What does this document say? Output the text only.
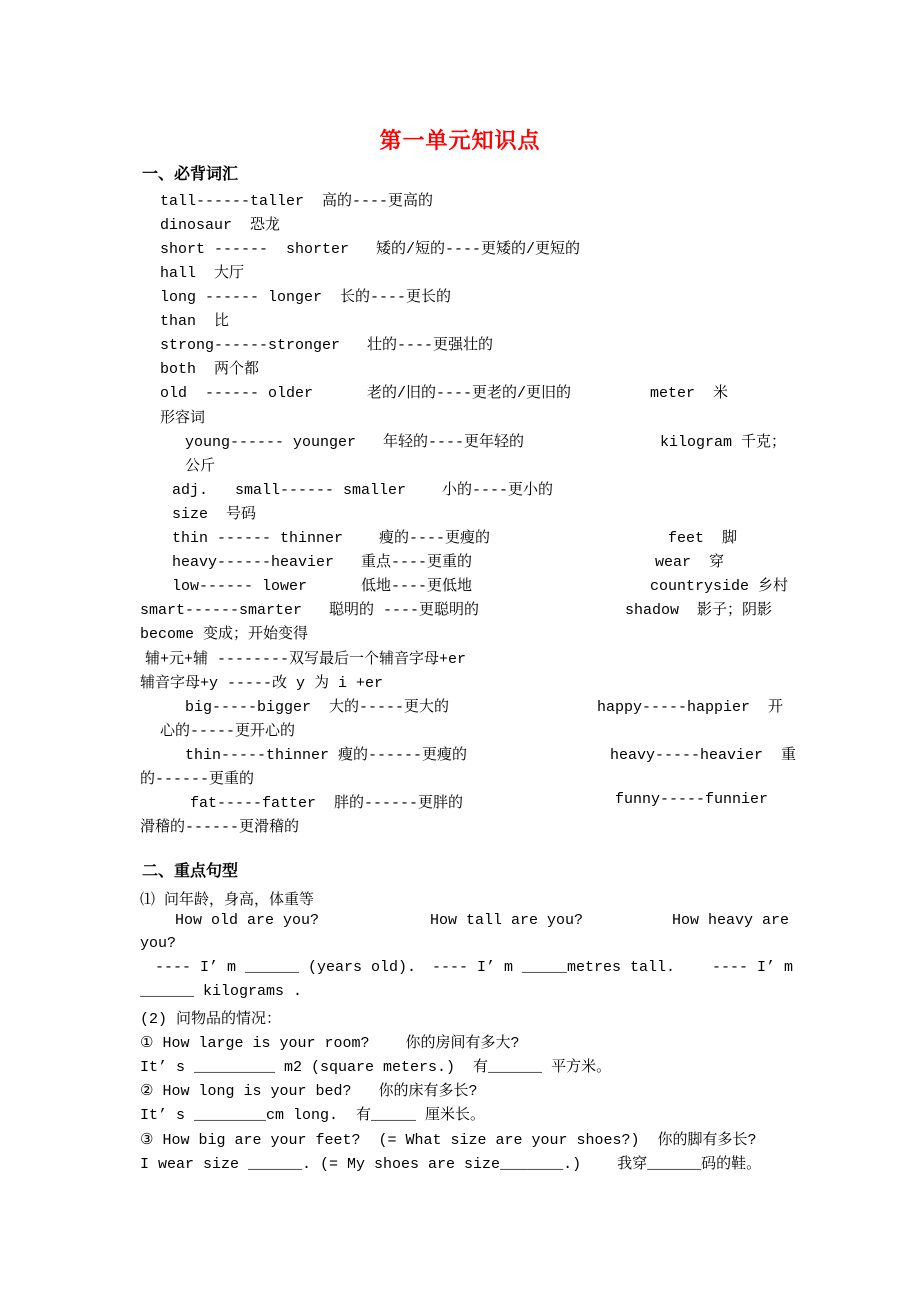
第一单元知识点
一、必背词汇
tall------taller  高的----更高的
dinosaur  恐龙
short ------  shorter   矮的/短的----更矮的/更短的
hall  大厅
long ------ longer  长的----更长的
than  比
strong------stronger   壮的----更强壮的
both  两个都
old  ------ older      老的/旧的----更老的/更旧的	meter  米
形容词
young------ younger   年轻的----更年轻的	kilogram 千克；
公斤
adj.   small------ smaller    小的----更小的
size  号码
thin ------ thinner    瘦的----更瘦的	feet  脚
heavy------heavier   重点----更重的	wear  穿
low------ lower      低地----更低地	countryside 乡村
smart------smarter   聪明的 ----更聪明的	shadow  影子；阴影
become 变成；开始变得
辅+元+辅 --------双写最后一个辅音字母+er
辅音字母+y -----改 y 为 i +er
big-----bigger  大的-----更大的	happy-----happier  开
心的-----更开心的
thin-----thinner 瘦的------更瘦的	heavy-----heavier  重
的------更重的
fat-----fatter  胖的------更胖的	funny-----funnier
滑稽的------更滑稽的
二、重点句型
⑴ 问年龄，身高，体重等
How old are you?	How tall are you?	How heavy are
you?
---- I’ m ______ (years old). ---- I’ m _____metres tall. ---- I’ m
______ kilograms .
(2) 问物品的情况：
① How large is your room?    你的房间有多大?
It’ s _________ m2 (square meters.)  有______ 平方米。
② How long is your bed?   你的床有多长?
It’ s ________cm long.  有_____ 厘米长。
③ How big are your feet?  (= What size are your shoes?)  你的脚有多长?
I wear size ______. (= My shoes are size_______.)    我穿______码的鞋。
